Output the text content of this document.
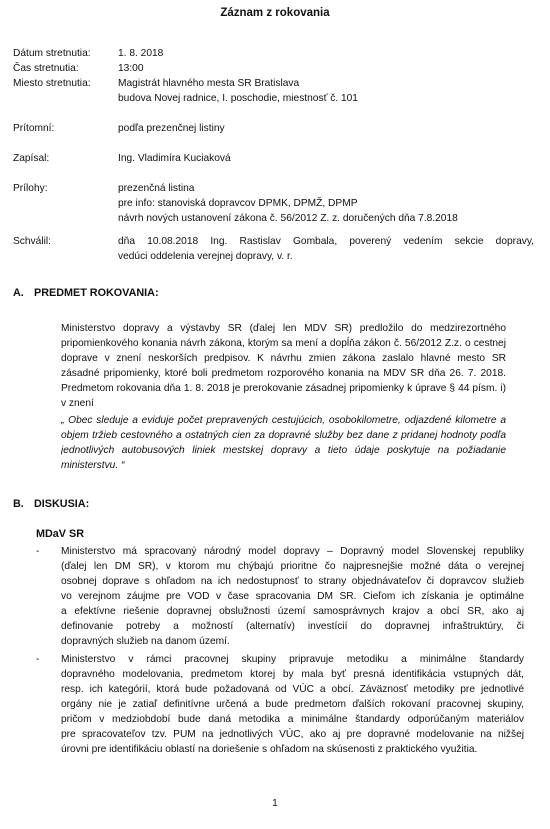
Záznam z rokovania
Dátum stretnutia:	1. 8. 2018
Čas stretnutia:	13:00
Miesto stretnutia:	Magistrát hlavného mesta SR Bratislava
budova Novej radnice, I. poschodie, miestnosť č. 101
Prítomní:	podľa prezenčnej listiny
Zapísal:	Ing. Vladimíra Kuciaková
Prílohy:	prezenčná listina
pre info: stanoviská dopravcov DPMK, DPMŽ, DPMP
návrh nových ustanovení zákona č. 56/2012 Z. z. doručených dňa 7.8.2018
Schválil:	dňa 10.08.2018 Ing. Rastislav Gombala, poverený vedením sekcie dopravy,
vedúci oddelenia verejnej dopravy, v. r.
A. PREDMET ROKOVANIA:
Ministerstvo dopravy a výstavby SR (ďalej len MDV SR) predložilo do medzirezortného
pripomienkového konania návrh zákona, ktorým sa mení a dopĺňa zákon č. 56/2012 Z.z. o cestnej
doprave v znení neskorších predpisov. K návrhu zmien zákona zaslalo hlavné mesto SR
zásadné pripomienky, ktoré boli predmetom rozporového konania na MDV SR dňa 26. 7. 2018.
Predmetom rokovania dňa 1. 8. 2018 je prerokovanie zásadnej pripomienky k úprave § 44 písm. i)
v znení
„ Obec sleduje a eviduje počet prepravených cestujúcich, osobokilometre, odjazdené kilometre a
objem tržieb cestovného a ostatných cien za dopravné služby bez dane z pridanej hodnoty podľa
jednotlivých autobusových liniek mestskej dopravy a tieto údaje poskytuje na požiadanie
ministerstvu. “
B. DISKUSIA:
MDaV SR
-	Ministerstvo má spracovaný národný model dopravy – Dopravný model Slovenskej republiky
(ďalej len DM SR), v ktorom mu chýbajú prioritne čo najpresnejšie možné dáta o verejnej
osobnej doprave s ohľadom na ich nedostupnosť to strany objednávateľov či dopravcov služieb
vo verejnom záujme pre VOD v čase spracovania DM SR. Cieľom ich získania je optimálne
a efektívne riešenie dopravnej obslužnosti území samosprávnych krajov a obcí SR, ako aj
definovanie potreby a možností (alternatív) investícií do dopravnej infraštruktúry, či
dopravných služieb na danom území.
-	Ministerstvo v rámci pracovnej skupiny pripravuje metodiku a minimálne štandardy
dopravného modelovania, predmetom ktorej by mala byť presná identifikácia vstupných dát,
resp. ich kategórií, ktorá bude požadovaná od VÚC a obcí. Záväznosť metodiky pre jednotlivé
orgány nie je zatiaľ definitívne určená a bude predmetom ďalších rokovaní pracovnej skupiny,
pričom v medziobdobí bude daná metodika a minimálne štandardy odporúčaným materiálov
pre spracovateľov tzv. PUM na jednotlivých VÚC, ako aj pre dopravné modelovanie na nižšej
úrovni pre identifikáciu oblastí na doriešenie s ohľadom na skúsenosti z praktického využitia.
1
